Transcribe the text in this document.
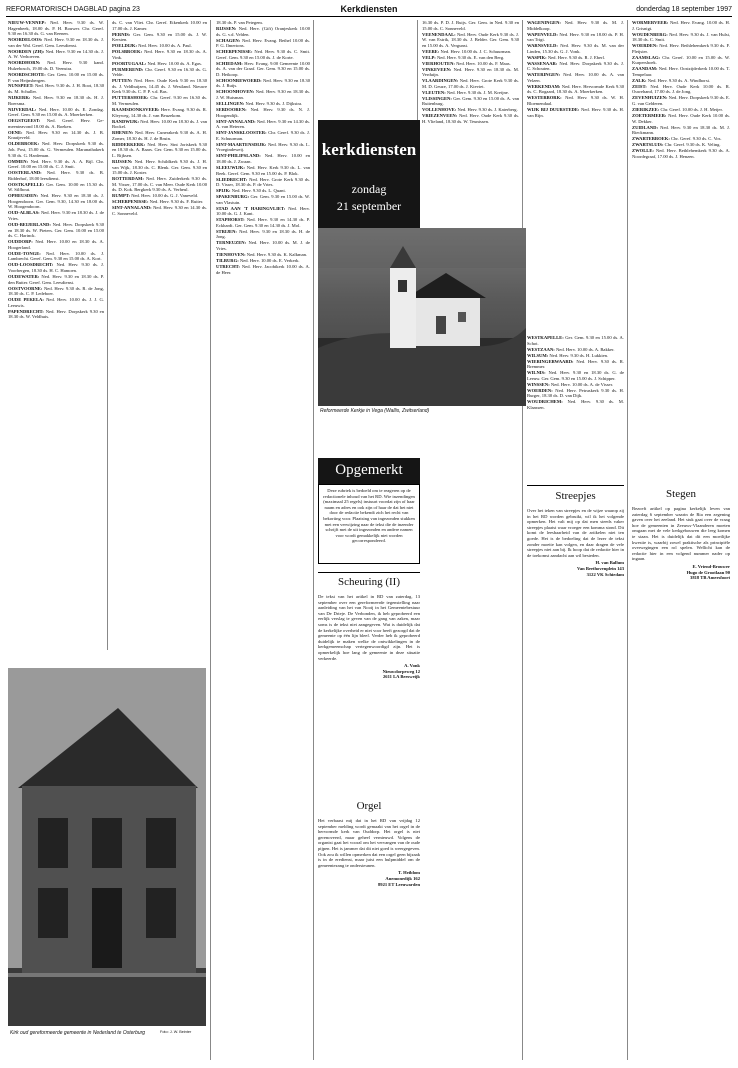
REFORMATORISCH DAGBLAD pagina 23	Kerkdiensten	donderdag 18 september 1997

NIEUW-VENNEP: Ned. Herv. 9.30 ds. W. Hagenbeek, 18.00 ds. P. H. Bouwer. Chr. Geref. 9.30 en 16.30 ds. G. van Reenen.

NOORDELOOS: Ned. Herv. 9.30 en 18.30 ds. J. van der Wal. Geref. Gem. Leesdienst.

NOORDEN (ZH): Ned. Herv. 9.30 en 14.30 ds. J. A. W. Verhoeven.

NOORDHORN: Ned. Herv. 9.30 kand. Hulzebosch, 19.00 ds. D. Veenstra.

NOORDSCHOTE: Ger. Gem. 10.00 en 15.00 ds. P. van Heijnsbergen.

NUNSPEET: Ned. Herv. 9.30 ds. J. H. Boot, 18.30 ds. M. Schuller.

NIJKERK: Ned. Herv. 9.30 en 18.30 ds. H. J. Boersma.

NIJVERDAL: Ned. Herv. 10.00 ds. E. Zondag. Geref. Gem. 9.30 en 15.00 ds. A. Moerkerken.

OEGSTGEEST: Ned. Geref. Herv. Ge-meenteavond 18.00 ds. A. Boeken.

OENE: Ned. Herv. 9.30 en 14.30 ds. J. B. Kraaijeveld.

OLDEBROEK: Ned. Herv. Dorpskerk 9.30 ds. Joh. Post, 15.00 ds. G. Vermeulen. Maranathakerk 9.30 ds. G. Hardeman.

OMMEN: Ned. Herv. 9.30 ds. A. A. Bijl. Chr. Geref. 10.00 en 15.00 ds. C. J. Smit.

OOSTERLAND: Ned. Herv. 9.30 ds. B. Ridderhof, 18.00 leesdienst.

OOSTKAPELLE: Ger. Gem. 10.00 en 15.30 ds. W. Silfhout.

OPHEUSDEN: Ned. Herv. 9.30 en 18.30 ds. J. Hoogendoorn. Ger. Gem. 9.30, 14.30 en 18.00 ds. W. Hoogendoorn.

OUD-ALBLAS: Ned. Herv. 9.30 en 18.30 ds. J. de Vries.

OUD-BEIJERLAND: Ned. Herv. Dorpskerk 9.30 en 18.30 ds. W. Pieters. Ger. Gem. 10.00 en 15.00 ds. C. Harinck.

OUDDORP: Ned. Herv. 10.00 en 18.30 ds. A. Hoogerland.

OUDE-TONGE: Ned. Herv. 10.00 ds. J. Lambrecht. Geref. Gem. 9.30 en 15.00 ds. A. Kort.

OUD-LOOSDRECHT: Ned. Herv. 9.30 ds. J. Voorbergen, 18.30 ds. H. C. Hamoen.

OUDEWATER: Ned. Herv. 9.30 en 18.30 ds. P. den Butter. Geref. Gem. Leesdienst.

OOSTVOORNE: Ned. Herv. 9.30 ds. R. de Jong, 18.30 ds. C. P. Ledeboer.

OUDE PEKELA: Ned. Herv. 10.00 ds. J. J. G. Leeuwis.

PAPENDRECHT: Ned. Herv. Dorpskerk 9.30 en 18.30 ds. W. Veldhuis.

ds. C. van Vliet. Chr. Geref. Eikenkerk 10.00 en 17.00 ds. J. Kamer.

PERNIS: Ger. Gem. 9.30 en 15.00 ds. J. W. Kersten.

POELDIJK: Ned. Herv. 10.00 ds. A. Paul.

POLSBROEK: Ned. Herv. 9.30 en 18.30 ds. A. Vink.

POORTUGAAL: Ned. Herv. 10.00 ds. A. Egas.

PURMEREND: Chr. Geref. 9.30 en 16.30 ds. G. Velde.

PUTTEN: Ned. Herv. Oude Kerk 9.30 en 18.30 ds. J. Veldhuijzen, 14.45 ds. J. Westland. Nieuwe Kerk 9.30 ds. C. P. P. v.d. Bas.

PUTTERSHOEK: Chr. Geref. 9.30 en 16.30 ds. M. Vermeulen.

RAAMSDONKSVEER: Herv. Evang. 9.30 ds. R. Kleyweg, 14.30 ds. J. van Beuzekom.

RANDWIJK: Ned. Herv. 10.00 en 18.30 ds. J. van Bockel.

RHENEN: Ned. Herv. Cunerakerk 9.30 ds. A. H. Zomer, 18.30 ds. H. J. de Bruin.

RIDDERKERK: Ned. Herv. Sint Joriskerk 9.30 en 18.30 ds. A. Baars. Ger. Gem. 9.30 en 15.00 ds. L. Rijksen.

RIJSSEN: Ned. Herv. Schildkerk 9.30 ds. J. H. van Wijk, 18.30 ds. C. Blenk. Ger. Gem. 9.30 en 15.00 ds. J. Koster.

ROTTERDAM: Ned. Herv. Zuiderkerk 9.30 ds. M. Visser, 17.00 ds. C. van Meer. Oude Kerk 10.00 ds. D. Kok. Bergkerk 9.30 ds. A. Verheul.

RUMPT: Ned. Herv. 10.00 ds. G. J. Vaneveld.

SCHERPENISSE: Ned. Herv. 9.30 ds. F. Ruiter.

SINT-ANNALAND: Ned. Herv. 9.30 en 14.30 ds. C. Sonneveld.

18.30 ds. P. van Petegem.

RIJSSEN: Ned. Herv. (Gift) Oranjeskerk 10.00 ds. G. v.d. Velden.

SCHAGEN: Ned. Herv. Evang. Bethel 10.00 ds. P. G. Ilmertons.

SCHERPENISSE: Ned. Herv. 9.30 ds. C. Smit. Geref. Gem. 9.30 en 15.00 ds. J. de Korte.

SCHIEDAM: Herv. Evang. 9.00 Gemeente 10.00 ds. A. van der Graaf. Ger. Gem. 9.30 en 15.00 ds. D. Heikoop.

SCHOONREWOERD: Ned. Herv. 9.30 en 18.30 ds. J. Ruijs.

SCHOONHOVEN: Ned. Herv. 9.30 en 18.30 ds. J. W. Huisman.

SELLINGEN: Ned. Herv. 9.30 ds. J. Dijkstra.

SERDOOREN: Ned. Herv. 9.30 ds. N. J. Hoogendijk.

SINT-ANNALAND: Ned. Herv. 9.30 en 14.30 ds. A. van Heteren.

SINT-JANSKLOOSTER: Chr. Geref. 9.30 ds. J. E. Schuurman.

SINT-MAARTENSDIJK: Ned. Herv. 9.30 ds. L. Vroegindeweij.

SINT-PHILIPSLAND: Ned. Herv. 10.00 en 18.00 ds. J. Zwaan.

SLEEUWIJK: Ned. Herv. Kerk 9.30 ds. L. van Beek. Geref. Gem. 9.30 en 15.00 ds. P. Blok.

SLIEDRECHT: Ned. Herv. Grote Kerk 9.30 ds. D. Visser, 18.30 ds. P. de Vries.

SPIJK: Ned. Herv. 9.30 ds. L. Quant.

SPAKENBURG: Ger. Gem. 9.30 en 15.00 ds. W. van Vlastuin.

STAD AAN 'T HARINGVLIET: Ned. Herv. 10.00 ds. G. J. Kant.

STAPHORST: Ned. Herv. 9.30 en 14.30 ds. P. Eckhardt. Ger. Gem. 9.30 en 14.30 ds. J. Mol.

STRIJEN: Ned. Herv. 9.30 en 18.30 ds. H. de Jong.

TERNEUZEN: Ned. Herv. 10.00 ds. M. J. de Vries.

TIENHOVEN: Ned. Herv. 9.30 ds. K. Kalkman.

TILBURG: Ned. Herv. 10.00 ds. E. Verkerk.

UTRECHT: Ned. Herv. Jacobikerk 10.00 ds. A. de Heer.

16.30 ds. P. D. J. Buijs. Ger. Gem. in Ned. 9.30 en 15.00 ds. C. Sonneveld.

VEENENDAAL: Ned. Herv. Oude Kerk 9.30 ds. J. W. van Estrik, 18.30 ds. J. Belder. Ger. Gem. 9.30 en 15.00 ds. A. Vergunst.

VEERE: Ned. Herv. 10.00 ds. J. C. Schuurman.

VELP: Ned. Herv. 9.30 ds. E. van den Berg.

VIERHOUTEN: Ned. Herv. 10.00 ds. F. Maas.

VINKEVEEN: Ned. Herv. 9.30 en 18.30 ds. M. Verduijn.

VLAARDINGEN: Ned. Herv. Grote Kerk 9.30 ds. M. D. Geuze, 17.00 ds. J. Kieviet.

VLEUTEN: Ned. Herv. 9.30 ds. J. M. Kreijne.

VLISSINGEN: Ger. Gem. 9.30 en 15.00 ds. A. van Ruitenburg.

VOLLENHOVE: Ned. Herv. 9.30 ds. J. Katerberg.

VRIEZENVEEN: Ned. Herv. Oude Kerk 9.30 ds. H. Vlieland, 18.30 ds. W. Teunissen.

WAGENINGEN: Ned. Herv. 9.30 ds. M. J. Middelkoop.

WAPENVELD: Ned. Herv. 9.30 en 18.00 ds. P. H. van Trigt.

WARNSVELD: Ned. Herv. 9.30 ds. M. van der Linden, 15.30 ds. G. J. Vonk.

WASPIK: Ned. Herv. 9.30 ds. R. J. Eberl.

WASSENAAR: Ned. Herv. Dorpskerk 9.30 ds. J. C. Schouten.

WATERINGEN: Ned. Herv. 10.00 ds. A. van Velzen.

WERKENDAM: Ned. Herv. Hervormde Kerk 9.30 ds. C. Bogaard, 18.30 ds. A. Moerkerken.

WESTERBORK: Ned. Herv. 9.30 ds. W. H. Bloemendaal.

WIJK BIJ DUURSTEDE: Ned. Herv. 9.30 ds. H. van Rijn.

WESTKAPELLE: Ger. Gem. 9.30 en 15.00 ds. A. Schot.

WESTZAAN: Ned. Herv. 10.00 ds. A. Bakker.

WILSUM: Ned. Herv. 9.30 ds. H. Lukkien.

WIERINGERWAARD: Ned. Herv. 9.30 ds. R. Bremmer.

WILNIS: Ned. Herv. 9.30 en 18.30 ds. G. de Leeuw. Ger. Gem. 9.30 en 15.00 ds. J. Schipper.

WINSSEN: Ned. Herv. 10.00 ds. A. de Visser.

WOERDEN: Ned. Herv. Petruskerk 9.30 ds. H. Burger, 18.30 ds. D. van Dijk.

WOUDRICHEM: Ned. Herv. 9.30 ds. M. Klaassen.

WORMERVEER: Ned. Herv. Evang. 10.00 ds. H. J. Grisnigt.

WOUDENBERG: Ned. Herv. 9.30 ds. J. van Hulst, 18.30 ds. C. Smit.

WOERDEN: Ned. Herv. Bethlehemkerk 9.30 ds. F. Pleijsier.

ZAAMSLAG: Chr. Geref. 10.00 en 15.00 ds. W. Kurpershoek.

ZAANDAM: Ned. Herv. Oostzijderkerk 10.00 ds. T. Tempelaar.

ZALK: Ned. Herv. 9.30 ds. A. Windhorst.

ZEIST: Ned. Herv. Oude Kerk 10.00 ds. R. Ouwehand, 17.00 ds. J. de Jong.

ZEVENHUIZEN: Ned. Herv. Dorpskerk 9.30 ds. E. G. van Gelderen.

ZIERIKZEE: Chr. Geref. 10.00 ds. J. H. Meijer.

ZOETERMEER: Ned. Herv. Oude Kerk 10.00 ds. W. Dekker.

ZUIDLAND: Ned. Herv. 9.30 en 18.30 ds. M. J. Rieckmann.

ZWARTEBROEK: Chr. Geref. 9.30 ds. C. Vos.

ZWARTSLUIS: Chr. Geref. 9.30 ds. K. Veling.

ZWOLLE: Ned. Herv. Bethlehemkerk 9.30 ds. A. Noordegraaf, 17.00 ds. J. Henzen.

kerkdiensten
zondag
21 september
Reformeerde Kerkje in Vega (Wallis, Zwitserland)
Kirk oud gereformeerde gemeente in Nederland te Osterburg	Foto: J. W. Beinter
Opgemerkt
Deze rubriek is bedoeld om te reageren op de redactionele inhoud van het RD. Wie inzendingen (maximaal 25 regels) instuurt voordat zijn of haar naam en adres en ook zijn of haar de dat het niet door de redactie bekendt zich het recht van bekorting voor. Plaatsing van ingezonden stukken met een verwijzing naar de tekst die de inzender schrijft met de uit ingezonden en andere namen voor wordt gemakkelijk niet worden gecorrespondeerd.
Scheuring (II)

De tekst van het artikel in RD van zaterdag, 13 september over een gereformeerde tegenstelling naar aanleiding van het van Nooij in het Gemeentebestuur van De Drieje. De Verbonden, ik heb geprobeerd een eerlijk verslag te geven van de gang van zaken, maar soms is de tekst niet aangegeven. Wat is duidelijk dat de kerkelijke overheid er niet voor heeft gezorgd dat de gemeente op één lijn bleef. Verder heb ik geprobeerd duidelijk te maken welke de ontwikkelingen in de kerkgemeenschap vertegenwoordigd zijn. Het is opmerkelijk hoe lang de gemeente in deze situatie verkeerde.

A. Vonk
Nieuwdorpeweg 12
2611 LA Beesweijk
Orgel

Het verbaast mij dat in het RD van vrijdag 12 september melding wordt gemaakt van het orgel in de hervormde kerk van Ouddorp. Het orgel is niet gerenoveerd, maar geheel vernieuwd. Volgens de organist gaat het vooral om het vervangen van de oude pijpen. Het is jammer dat dit niet goed is weergegeven. Ook zou ik willen opmerken dat een orgel geen bijzaak is in de eredienst, maar juist een hulpmiddel om de gemeentezang te ondersteunen.

T. Heiblom
Anemonedijk 162
8921 ET Leeuwarden
Streepjes

Over het teken van streepjes en de wijze waarop zij in het RD worden gebruikt, wil ik het volgende opmerken. Het valt mij op dat men steeds vaker streepjes plaatst waar vroeger een komma stond. Dit komt de leesbaarheid van de artikelen niet ten goede. Het is de bedoeling dat de lezer de tekst zonder moeite kan volgen, en daar dragen de vele streepjes niet aan bij. Ik hoop dat de redactie hier in de toekomst aandacht aan wil besteden.

H. van Ballum
Van Beethovenplein 143
3122 VK Schiedam
Stegen

Bezoeft artikel op pagina kerkelijk leven van zaterdag 6 september waarin de Ria een zegening gaven over het zeeland. Het stuk gaat over de vraag hoe de gemeenten in Zeeuws-Vlaanderen moeten omgaan met de vele kerkgebouwen die leeg komen te staan. Het is duidelijk dat dit een moeilijke kwestie is, waarbij zowel praktische als principiële overwegingen een rol spelen. Wellicht kan de redactie hier in een volgend nummer nader op ingaan.

E. Vriend-Brouwer
Hugo de Grootlaan 90
3818 TB Amersfoort
